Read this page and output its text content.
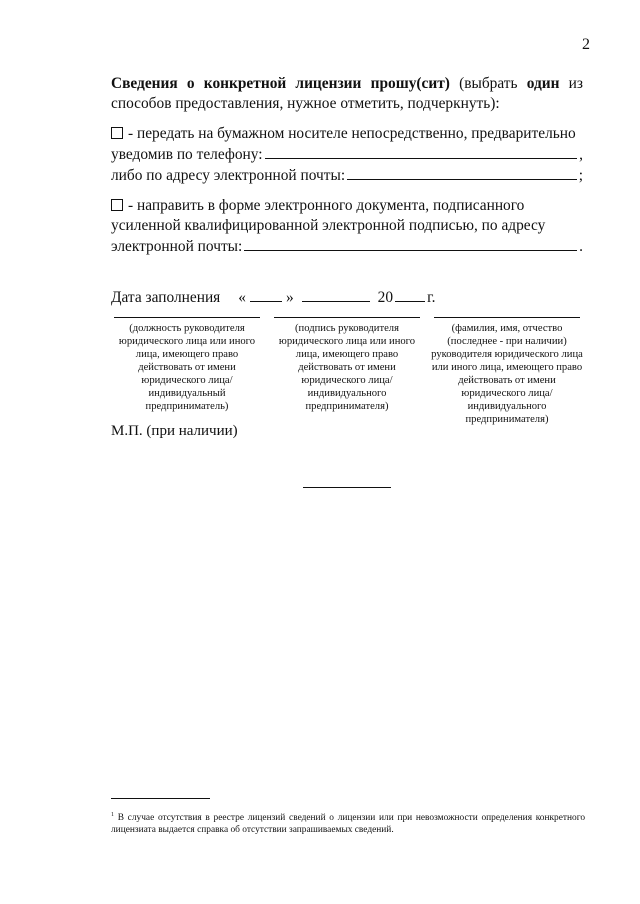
2
Сведения о конкретной лицензии прошу(сит) (выбрать один из способов предоставления, нужное отметить, подчеркнуть):
- передать на бумажном носителе непосредственно, предварительно
уведомив по телефону:	,
либо по адресу электронной почты:	;
- направить в форме электронного документа, подписанного
усиленной квалифицированной электронной подписью, по адресу
электронной почты:	.
Дата заполнения «	»	20 г.
(должность руководителя юридического лица или иного лица, имеющего право действовать от имени юридического лица/ индивидуальный предприниматель)
(подпись руководителя юридического лица или иного лица, имеющего право действовать от имени юридического лица/индивидуального предпринимателя)
(фамилия, имя, отчество (последнее - при наличии) руководителя юридического лица или иного лица, имеющего право действовать от имени юридического лица/ индивидуального предпринимателя)
М.П. (при наличии)
$^1$ В случае отсутствия в реестре лицензий сведений о лицензии или при невозможности определения конкретного лицензиата выдается справка об отсутствии запрашиваемых сведений.
